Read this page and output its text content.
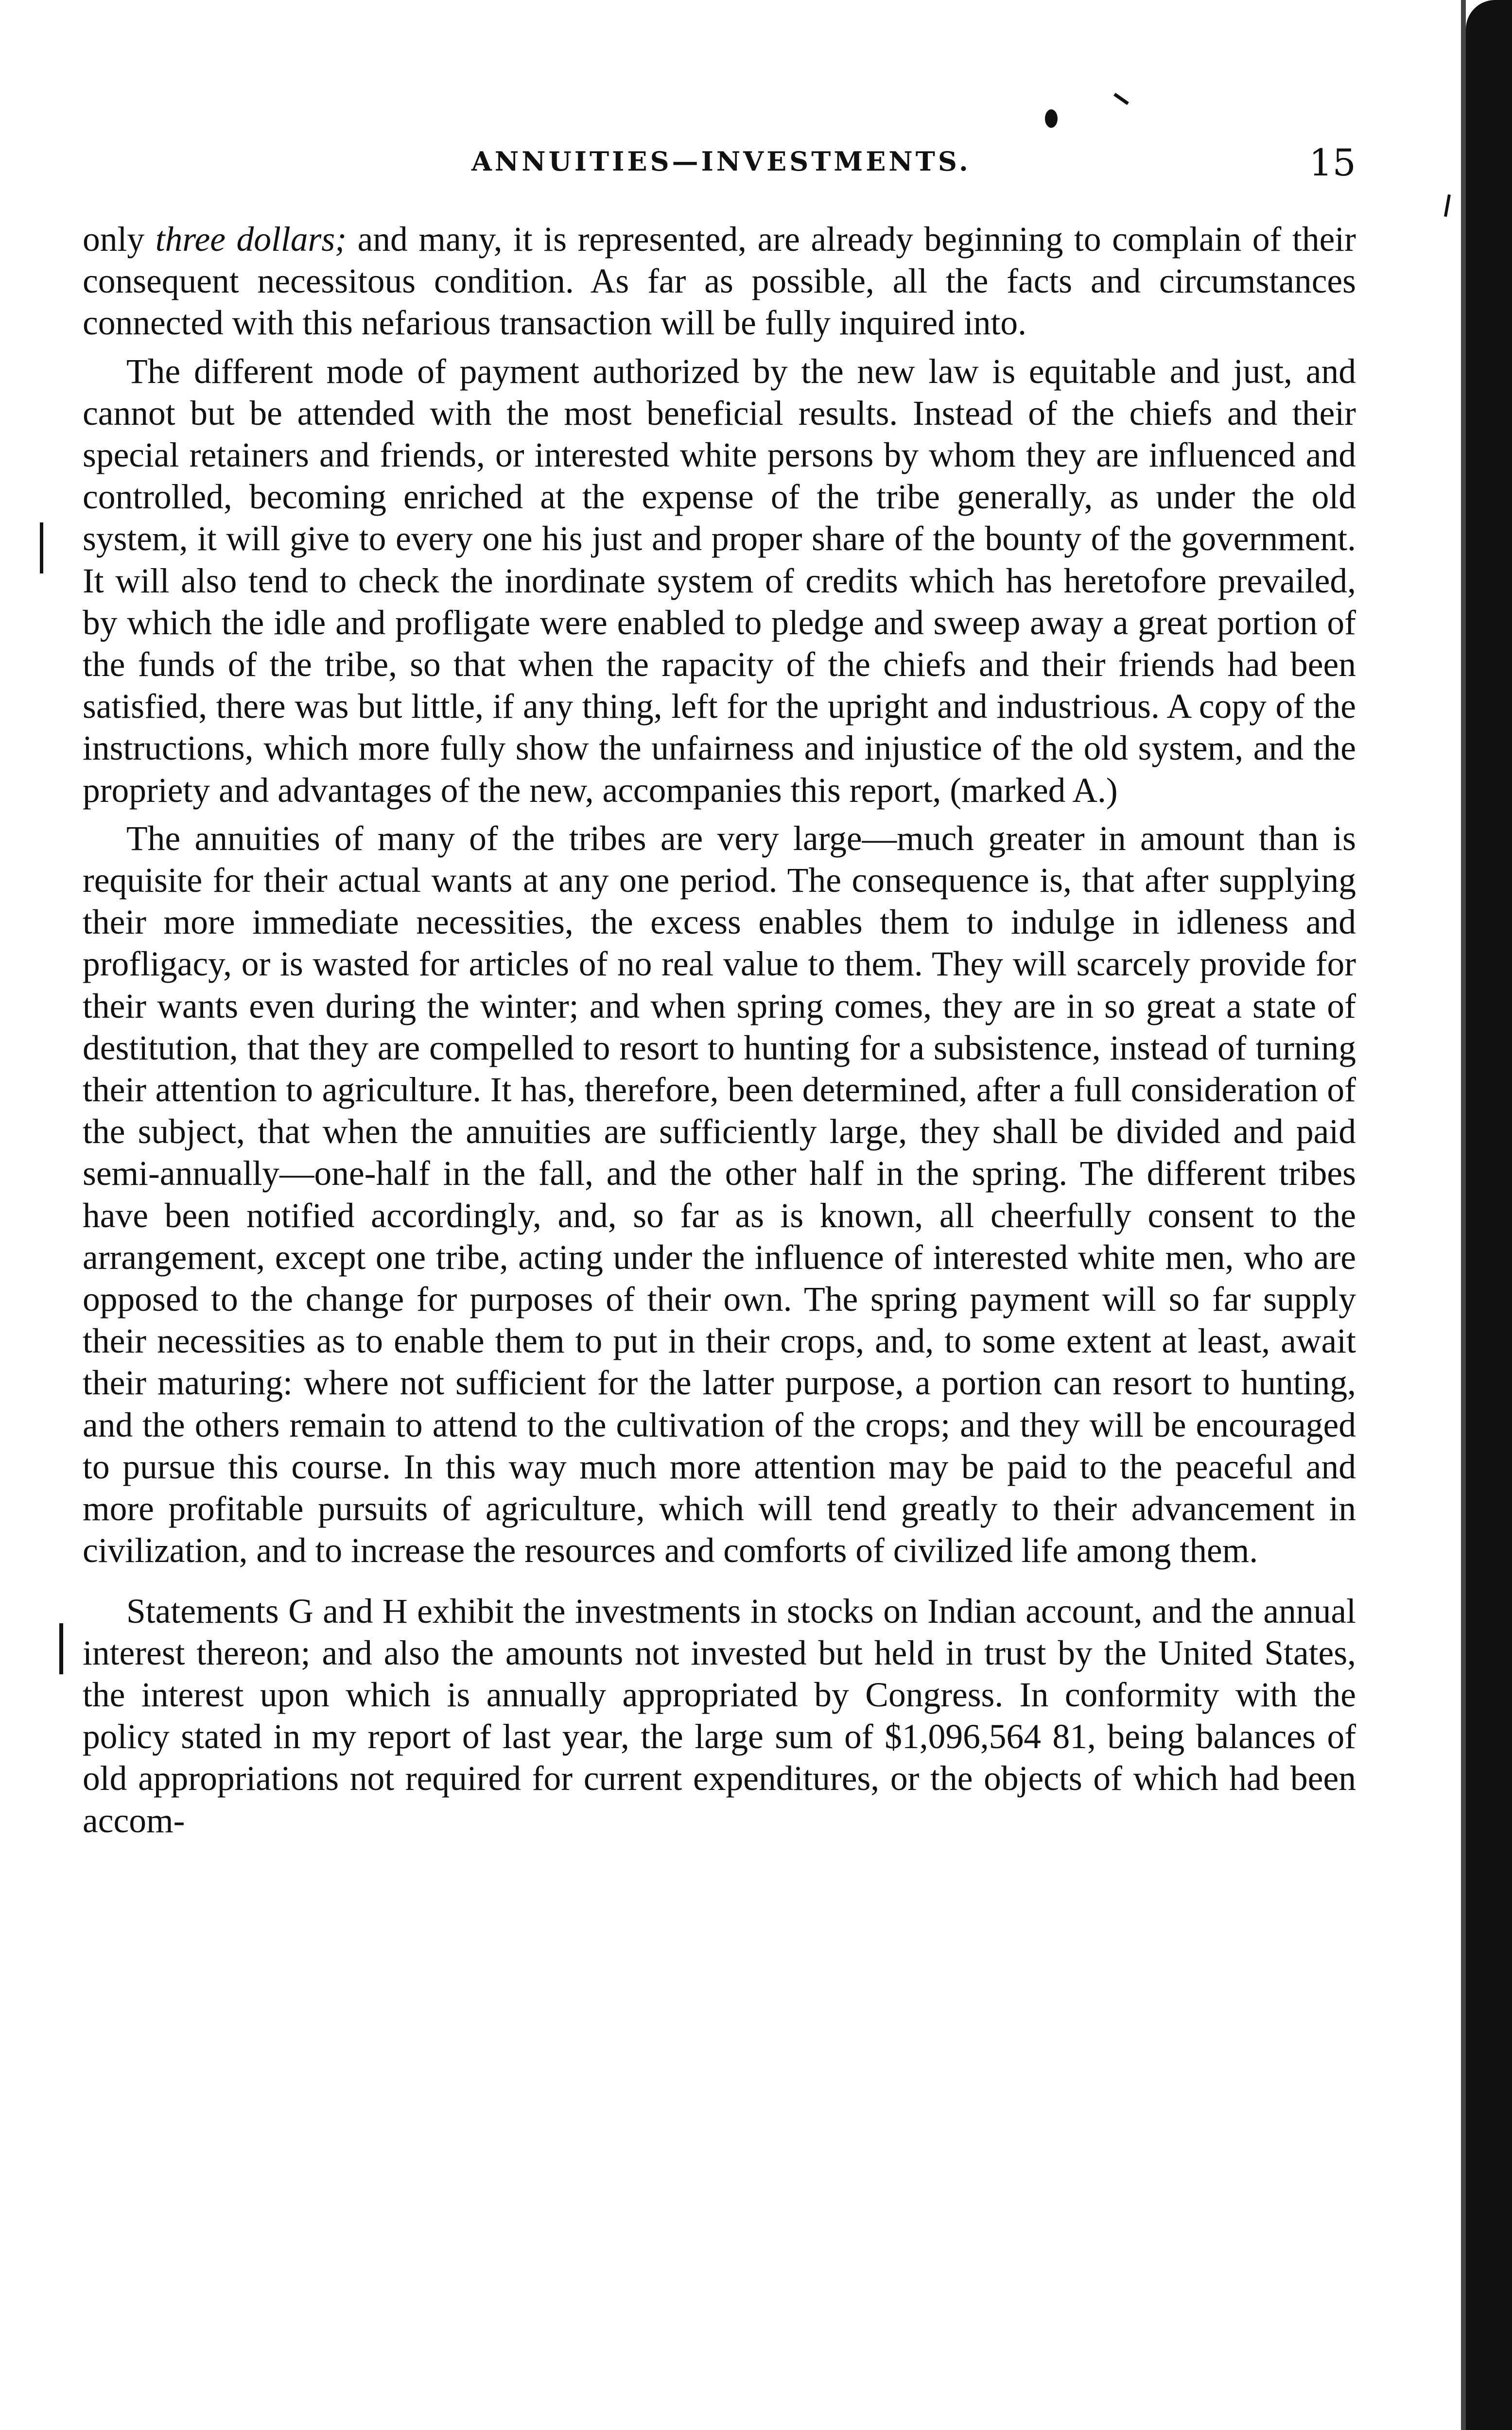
ANNUITIES—INVESTMENTS.	15

only three dollars; and many, it is represented, are already beginning to complain of their consequent necessitous condition. As far as possible, all the facts and circumstances connected with this nefarious transaction will be fully inquired into.

The different mode of payment authorized by the new law is equitable and just, and cannot but be attended with the most beneficial results. Instead of the chiefs and their special retainers and friends, or interested white persons by whom they are influenced and controlled, becoming enriched at the expense of the tribe generally, as under the old system, it will give to every one his just and proper share of the bounty of the government. It will also tend to check the inordinate system of credits which has heretofore prevailed, by which the idle and profligate were enabled to pledge and sweep away a great portion of the funds of the tribe, so that when the rapacity of the chiefs and their friends had been satisfied, there was but little, if any thing, left for the upright and industrious. A copy of the instructions, which more fully show the unfairness and injustice of the old system, and the propriety and advantages of the new, accompanies this report, (marked A.)

The annuities of many of the tribes are very large—much greater in amount than is requisite for their actual wants at any one period. The consequence is, that after supplying their more immediate necessities, the excess enables them to indulge in idleness and profligacy, or is wasted for articles of no real value to them. They will scarcely provide for their wants even during the winter; and when spring comes, they are in so great a state of destitution, that they are compelled to resort to hunting for a subsistence, instead of turning their attention to agriculture. It has, therefore, been determined, after a full consideration of the subject, that when the annuities are sufficiently large, they shall be divided and paid semi-annually—one-half in the fall, and the other half in the spring. The different tribes have been notified accordingly, and, so far as is known, all cheerfully consent to the arrangement, except one tribe, acting under the influence of interested white men, who are opposed to the change for purposes of their own. The spring payment will so far supply their necessities as to enable them to put in their crops, and, to some extent at least, await their maturing: where not sufficient for the latter purpose, a portion can resort to hunting, and the others remain to attend to the cultivation of the crops; and they will be encouraged to pursue this course. In this way much more attention may be paid to the peaceful and more profitable pursuits of agriculture, which will tend greatly to their advancement in civilization, and to increase the resources and comforts of civilized life among them.

Statements G and H exhibit the investments in stocks on Indian account, and the annual interest thereon; and also the amounts not invested but held in trust by the United States, the interest upon which is annually appropriated by Congress. In conformity with the policy stated in my report of last year, the large sum of $1,096,564 81, being balances of old appropriations not required for current expenditures, or the objects of which had been accom-
